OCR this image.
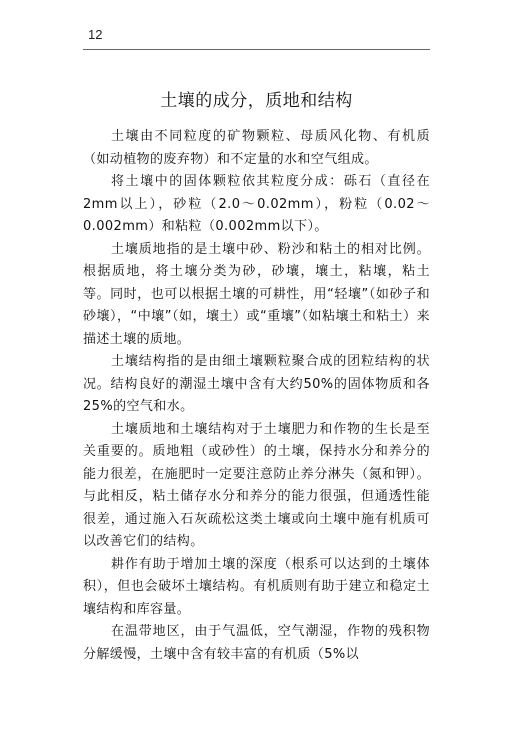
12
土壤的成分，质地和结构

土壤由不同粒度的矿物颗粒、母质风化物、有机质（如动植物的废弃物）和不定量的水和空气组成。

将土壤中的固体颗粒依其粒度分成：砾石（直径在2mm以上），砂粒（2.0～0.02mm），粉粒（0.02～0.002mm）和粘粒（0.002mm以下）。

土壤质地指的是土壤中砂、粉沙和粘土的相对比例。根据质地，将土壤分类为砂，砂壤，壤土，粘壤，粘土等。同时，也可以根据土壤的可耕性，用“轻壤”（如砂子和砂壤），“中壤”（如，壤土）或“重壤”（如粘壤土和粘土）来描述土壤的质地。

土壤结构指的是由细土壤颗粒聚合成的团粒结构的状况。结构良好的潮湿土壤中含有大约50%的固体物质和各25%的空气和水。

土壤质地和土壤结构对于土壤肥力和作物的生长是至关重要的。质地粗（或砂性）的土壤，保持水分和养分的能力很差，在施肥时一定要注意防止养分淋失（氮和钾）。与此相反，粘土储存水分和养分的能力很强，但通透性能很差，通过施入石灰疏松这类土壤或向土壤中施有机质可以改善它们的结构。

耕作有助于增加土壤的深度（根系可以达到的土壤体积），但也会破坏土壤结构。有机质则有助于建立和稳定土壤结构和库容量。

在温带地区，由于气温低，空气潮湿，作物的残积物分解缓慢，土壤中含有较丰富的有机质（5%以
